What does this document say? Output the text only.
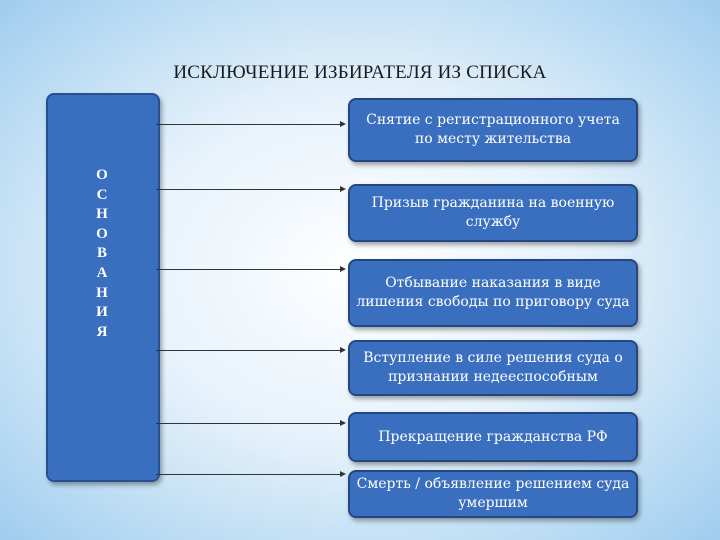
ИСКЛЮЧЕНИЕ ИЗБИРАТЕЛЯ ИЗ СПИСКА
О
С
Н
О
В
А
Н
И
Я
Снятие с регистрационного учета по месту жительства
Призыв гражданина на военную службу
Отбывание наказания в виде лишения свободы по приговору суда
Вступление в силе решения суда о признании недееспособным
Прекращение гражданства РФ
Смерть / объявление решением суда умершим
